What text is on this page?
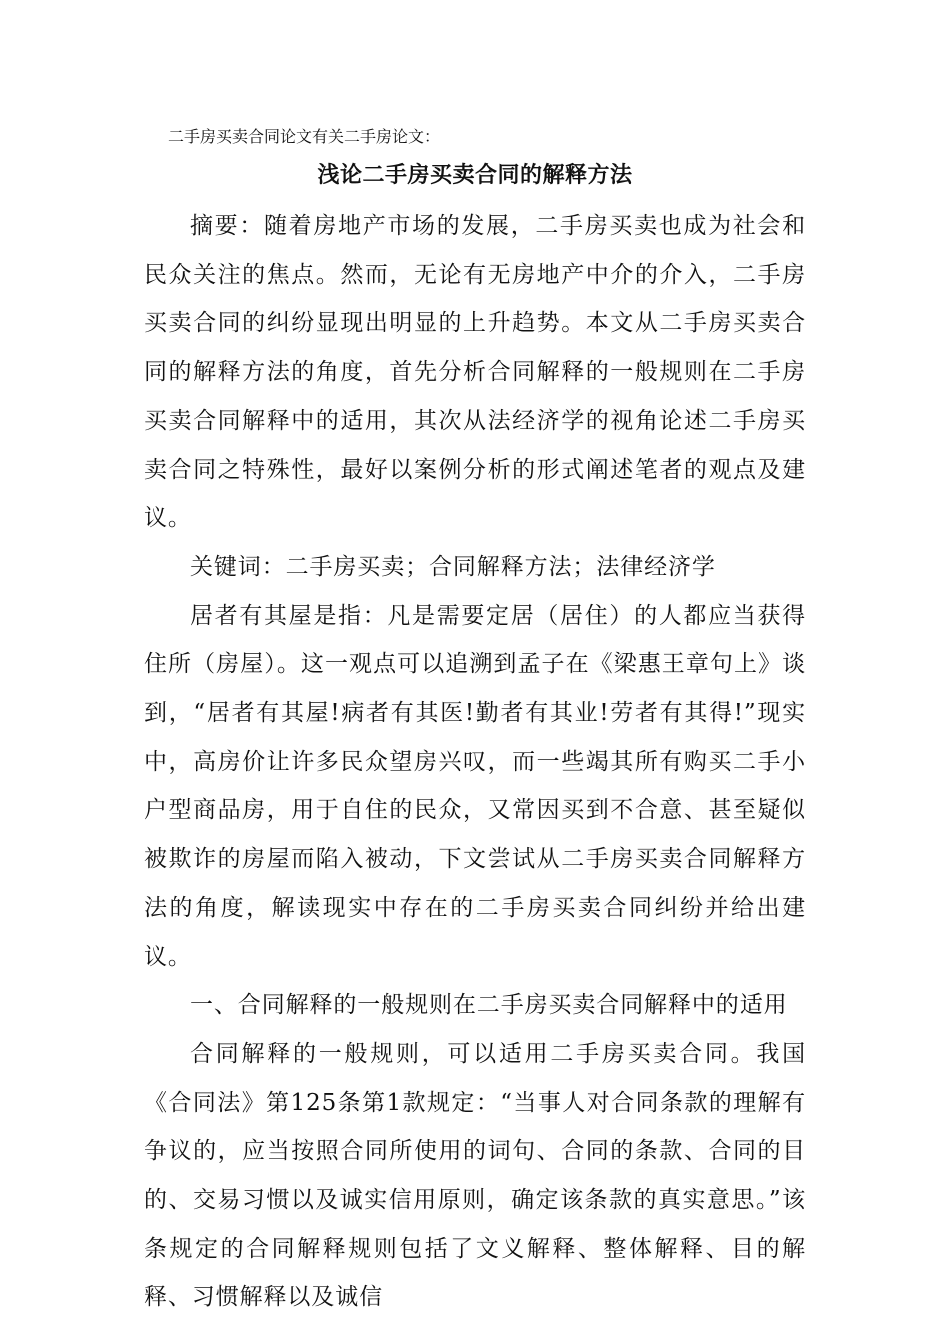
二手房买卖合同论文有关二手房论文：
浅论二手房买卖合同的解释方法

摘要：随着房地产市场的发展，二手房买卖也成为社会和民众关注的焦点。然而，无论有无房地产中介的介入，二手房买卖合同的纠纷显现出明显的上升趋势。本文从二手房买卖合同的解释方法的角度，首先分析合同解释的一般规则在二手房买卖合同解释中的适用，其次从法经济学的视角论述二手房买卖合同之特殊性，最好以案例分析的形式阐述笔者的观点及建议。

关键词：二手房买卖；合同解释方法；法律经济学

居者有其屋是指：凡是需要定居（居住）的人都应当获得住所（房屋）。这一观点可以追溯到孟子在《梁惠王章句上》谈到，“居者有其屋!病者有其医!勤者有其业!劳者有其得!”现实中，高房价让许多民众望房兴叹，而一些竭其所有购买二手小户型商品房，用于自住的民众，又常因买到不合意、甚至疑似被欺诈的房屋而陷入被动，下文尝试从二手房买卖合同解释方法的角度，解读现实中存在的二手房买卖合同纠纷并给出建议。

一、合同解释的一般规则在二手房买卖合同解释中的适用

合同解释的一般规则，可以适用二手房买卖合同。我国《合同法》第125条第1款规定：“当事人对合同条款的理解有争议的，应当按照合同所使用的词句、合同的条款、合同的目的、交易习惯以及诚实信用原则，确定该条款的真实意思。”该条规定的合同解释规则包括了文义解释、整体解释、目的解释、习惯解释以及诚信
